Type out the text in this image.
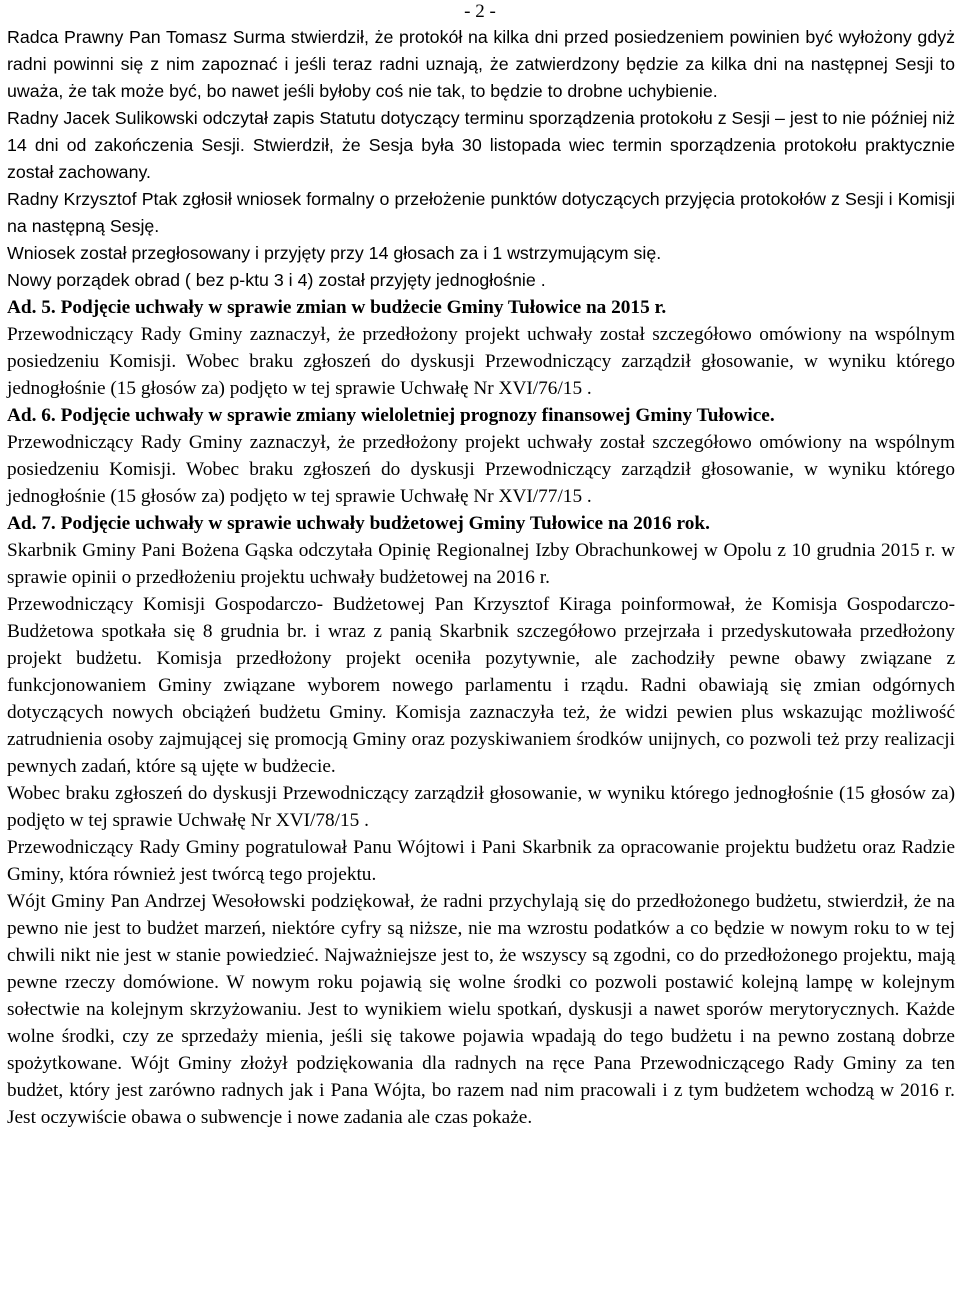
- 2 -

Radca Prawny Pan Tomasz Surma stwierdził, że protokół na kilka dni przed posiedzeniem powinien być wyłożony gdyż radni powinni się z nim zapoznać i jeśli teraz radni uznają, że zatwierdzony będzie za kilka dni na następnej Sesji to uważa, że tak może być, bo nawet jeśli byłoby coś nie tak, to będzie to drobne uchybienie.

Radny Jacek Sulikowski odczytał zapis Statutu dotyczący terminu sporządzenia protokołu z Sesji – jest to nie później niż 14 dni od zakończenia Sesji. Stwierdził, że Sesja była 30 listopada wiec termin sporządzenia protokołu praktycznie został zachowany.

Radny Krzysztof Ptak zgłosił wniosek formalny o przełożenie punktów dotyczących przyjęcia protokołów z Sesji i Komisji na następną Sesję.

Wniosek został przegłosowany i przyjęty przy 14 głosach za i 1 wstrzymującym się.

Nowy porządek obrad ( bez p-ktu 3 i 4) został przyjęty jednogłośnie .

Ad. 5. Podjęcie uchwały w sprawie zmian w budżecie Gminy Tułowice na 2015 r.

Przewodniczący Rady Gminy zaznaczył, że przedłożony projekt uchwały został szczegółowo omówiony na wspólnym posiedzeniu Komisji. Wobec braku zgłoszeń do dyskusji Przewodniczący zarządził głosowanie, w wyniku którego jednogłośnie (15 głosów za) podjęto w tej sprawie Uchwałę Nr XVI/76/15 .

Ad. 6. Podjęcie uchwały w sprawie zmiany wieloletniej prognozy finansowej Gminy Tułowice.

Przewodniczący Rady Gminy zaznaczył, że przedłożony projekt uchwały został szczegółowo omówiony na wspólnym posiedzeniu Komisji. Wobec braku zgłoszeń do dyskusji Przewodniczący zarządził głosowanie, w wyniku którego jednogłośnie (15 głosów za) podjęto w tej sprawie Uchwałę Nr XVI/77/15 .

Ad. 7. Podjęcie uchwały w sprawie uchwały budżetowej Gminy Tułowice na 2016 rok.

Skarbnik Gminy Pani Bożena Gąska odczytała Opinię Regionalnej Izby Obrachunkowej w Opolu z 10 grudnia 2015 r. w sprawie opinii o przedłożeniu projektu uchwały budżetowej na 2016 r.

Przewodniczący Komisji Gospodarczo- Budżetowej Pan Krzysztof Kiraga poinformował, że Komisja Gospodarczo- Budżetowa spotkała się 8 grudnia br. i wraz z panią Skarbnik szczegółowo przejrzała i przedyskutowała przedłożony projekt budżetu. Komisja przedłożony projekt oceniła pozytywnie, ale zachodziły pewne obawy związane z funkcjonowaniem Gminy związane wyborem nowego parlamentu i rządu. Radni obawiają się zmian odgórnych dotyczących nowych obciążeń budżetu Gminy. Komisja zaznaczyła też, że widzi pewien plus wskazując możliwość zatrudnienia osoby zajmującej się promocją Gminy oraz pozyskiwaniem środków unijnych, co pozwoli też przy realizacji pewnych zadań, które są ujęte w budżecie.

Wobec braku zgłoszeń do dyskusji Przewodniczący zarządził głosowanie, w wyniku którego jednogłośnie (15 głosów za) podjęto w tej sprawie Uchwałę Nr XVI/78/15 .

Przewodniczący Rady Gminy pogratulował Panu Wójtowi i Pani Skarbnik za opracowanie projektu budżetu oraz Radzie Gminy, która również jest twórcą tego projektu.

Wójt Gminy Pan Andrzej Wesołowski podziękował, że radni przychylają się do przedłożonego budżetu, stwierdził, że na pewno nie jest to budżet marzeń, niektóre cyfry są niższe, nie ma wzrostu podatków a co będzie w nowym roku to w tej chwili nikt nie jest w stanie powiedzieć. Najważniejsze jest to, że wszyscy są zgodni, co do przedłożonego projektu, mają pewne rzeczy domówione. W nowym roku pojawią się wolne środki co pozwoli postawić kolejną lampę w kolejnym sołectwie na kolejnym skrzyżowaniu. Jest to wynikiem wielu spotkań, dyskusji a nawet sporów merytorycznych. Każde wolne środki, czy ze sprzedaży mienia, jeśli się takowe pojawia wpadają do tego budżetu i na pewno zostaną dobrze spożytkowane. Wójt Gminy złożył podziękowania dla radnych na ręce Pana Przewodniczącego Rady Gminy za ten budżet, który jest zarówno radnych jak i Pana Wójta, bo razem nad nim pracowali i z tym budżetem wchodzą w 2016 r. Jest oczywiście obawa o subwencje i nowe zadania ale czas pokaże.
